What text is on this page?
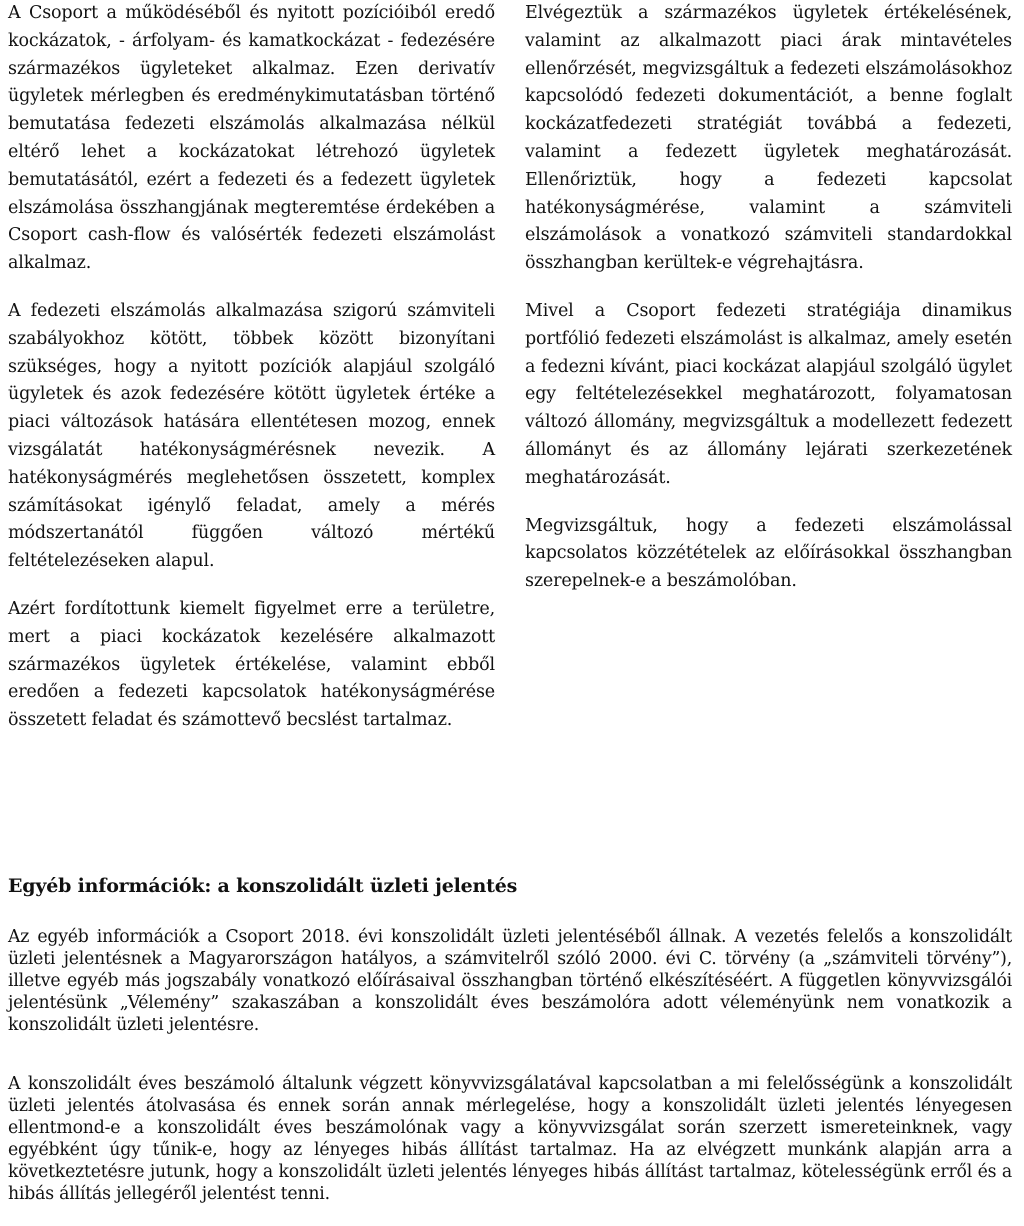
A Csoport a működéséből és nyitott pozícióiból eredő kockázatok, - árfolyam- és kamatkockázat - fedezésére származékos ügyleteket alkalmaz. Ezen derivatív ügyletek mérlegben és eredménykimutatásban történő bemutatása fedezeti elszámolás alkalmazása nélkül eltérő lehet a kockázatokat létrehozó ügyletek bemutatásától, ezért a fedezeti és a fedezett ügyletek elszámolása összhangjának megteremtése érdekében a Csoport cash-flow és valósérték fedezeti elszámolást alkalmaz.

A fedezeti elszámolás alkalmazása szigorú számviteli szabályokhoz kötött, többek között bizonyítani szükséges, hogy a nyitott pozíciók alapjául szolgáló ügyletek és azok fedezésére kötött ügyletek értéke a piaci változások hatására ellentétesen mozog, ennek vizsgálatát hatékonyságmérésnek nevezik. A hatékonyságmérés meglehetősen összetett, komplex számításokat igénylő feladat, amely a mérés módszertanától függően változó mértékű feltételezéseken alapul.

Azért fordítottunk kiemelt figyelmet erre a területre, mert a piaci kockázatok kezelésére alkalmazott származékos ügyletek értékelése, valamint ebből eredően a fedezeti kapcsolatok hatékonyságmérése összetett feladat és számottevő becslést tartalmaz.

Elvégeztük a származékos ügyletek értékelésének, valamint az alkalmazott piaci árak mintavételes ellenőrzését, megvizsgáltuk a fedezeti elszámolásokhoz kapcsolódó fedezeti dokumentációt, a benne foglalt kockázatfedezeti stratégiát továbbá a fedezeti, valamint a fedezett ügyletek meghatározását. Ellenőriztük, hogy a fedezeti kapcsolat hatékonyságmérése, valamint a számviteli elszámolások a vonatkozó számviteli standardokkal összhangban kerültek-e végrehajtásra.

Mivel a Csoport fedezeti stratégiája dinamikus portfólió fedezeti elszámolást is alkalmaz, amely esetén a fedezni kívánt, piaci kockázat alapjául szolgáló ügylet egy feltételezésekkel meghatározott, folyamatosan változó állomány, megvizsgáltuk a modellezett fedezett állományt és az állomány lejárati szerkezetének meghatározását.

Megvizsgáltuk, hogy a fedezeti elszámolással kapcsolatos közzétételek az előírásokkal összhangban szerepelnek-e a beszámolóban.

Egyéb információk: a konszolidált üzleti jelentés

Az egyéb információk a Csoport 2018. évi konszolidált üzleti jelentéséből állnak. A vezetés felelős a konszolidált üzleti jelentésnek a Magyarországon hatályos, a számvitelről szóló 2000. évi C. törvény (a „számviteli törvény”), illetve egyéb más jogszabály vonatkozó előírásaival összhangban történő elkészítéséért. A független könyvvizsgálói jelentésünk „Vélemény” szakaszában a konszolidált éves beszámolóra adott véleményünk nem vonatkozik a konszolidált üzleti jelentésre.

A konszolidált éves beszámoló általunk végzett könyvvizsgálatával kapcsolatban a mi felelősségünk a konszolidált üzleti jelentés átolvasása és ennek során annak mérlegelése, hogy a konszolidált üzleti jelentés lényegesen ellentmond-e a konszolidált éves beszámolónak vagy a könyvvizsgálat során szerzett ismereteinknek, vagy egyébként úgy tűnik-e, hogy az lényeges hibás állítást tartalmaz. Ha az elvégzett munkánk alapján arra a következtetésre jutunk, hogy a konszolidált üzleti jelentés lényeges hibás állítást tartalmaz, kötelességünk erről és a hibás állítás jellegéről jelentést tenni.
